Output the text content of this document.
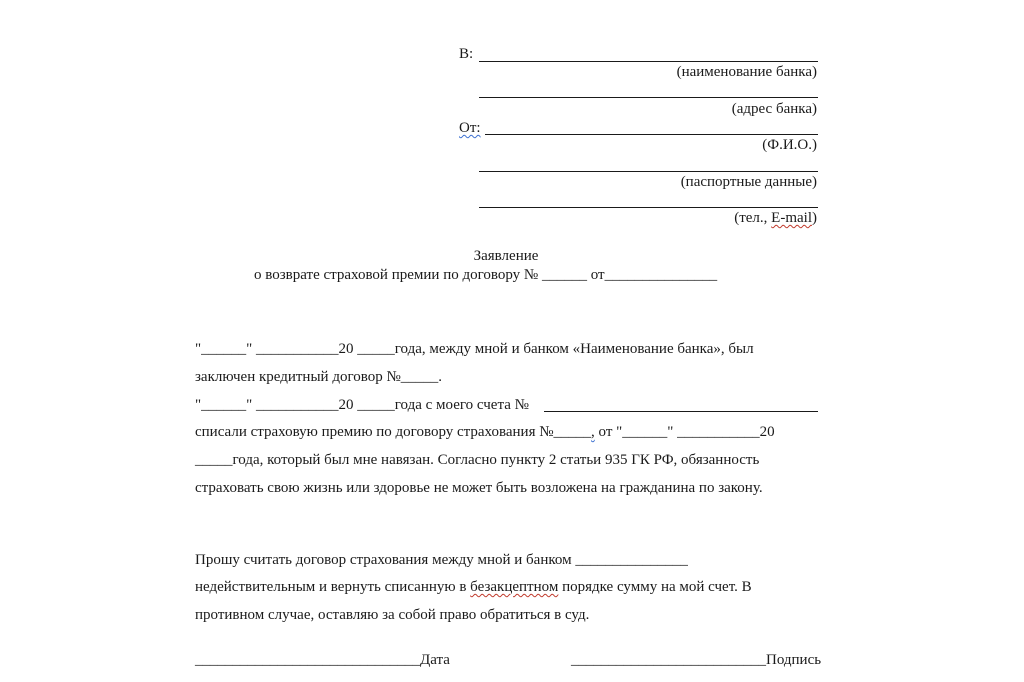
В:
(наименование банка)
(адрес банка)
От:
(Ф.И.О.)
(паспортные данные)
(тел., E-mail)
Заявление
о возврате страховой премии по договору № ______ от_______________
"______" ___________20 _____года, между мной и банком «Наименование банка», был
заключен кредитный договор №_____.
"______" ___________20 _____года с моего счета №
списали страховую премию по договору страхования №_____, от "______" ___________20
_____года, который был мне навязан. Согласно пункту 2 статьи 935 ГК РФ, обязанность
страховать свою жизнь или здоровье не может быть возложена на гражданина по закону.
Прошу считать договор страхования между мной и банком _______________
недействительным и вернуть списанную в безакцептном порядке сумму на мой счет. В
противном случае, оставляю за собой право обратиться в суд.
______________________________Дата	__________________________Подпись
